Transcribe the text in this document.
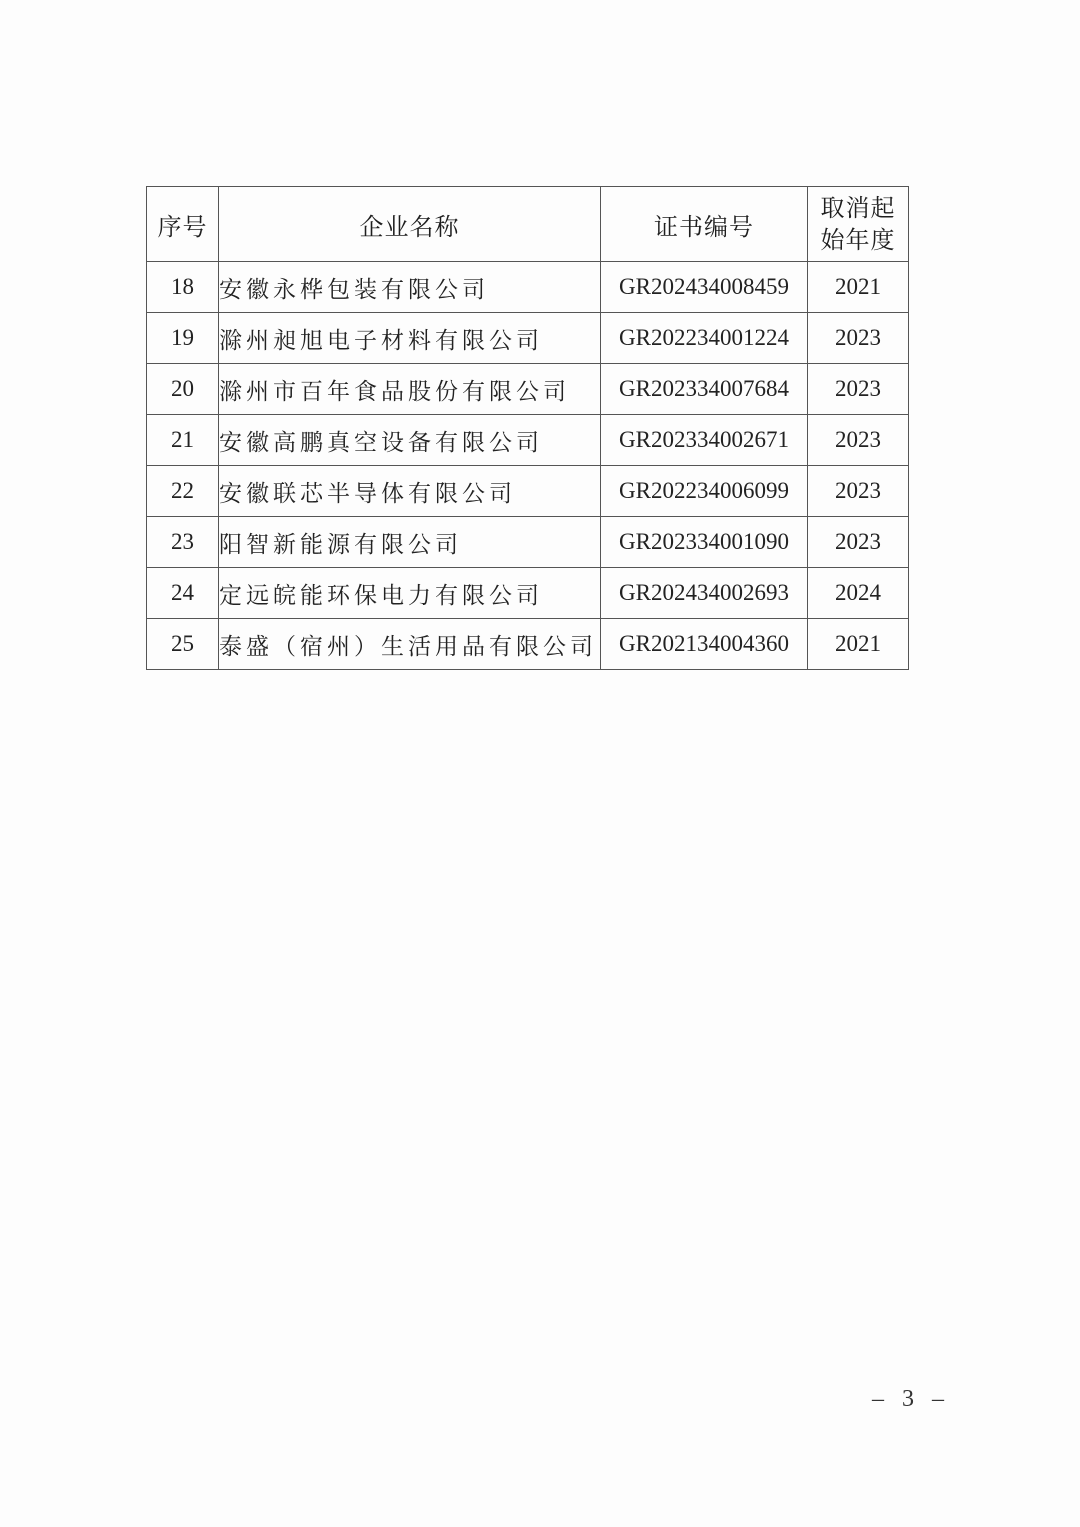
序号	企业名称	证书编号	取消起
始年度
18	安徽永桦包装有限公司	GR202434008459	2021
19	滁州昶旭电子材料有限公司	GR202234001224	2023
20	滁州市百年食品股份有限公司	GR202334007684	2023
21	安徽高鹏真空设备有限公司	GR202334002671	2023
22	安徽联芯半导体有限公司	GR202234006099	2023
23	阳智新能源有限公司	GR202334001090	2023
24	定远皖能环保电力有限公司	GR202434002693	2024
25	泰盛（宿州）生活用品有限公司	GR202134004360	2021
– 3 –
